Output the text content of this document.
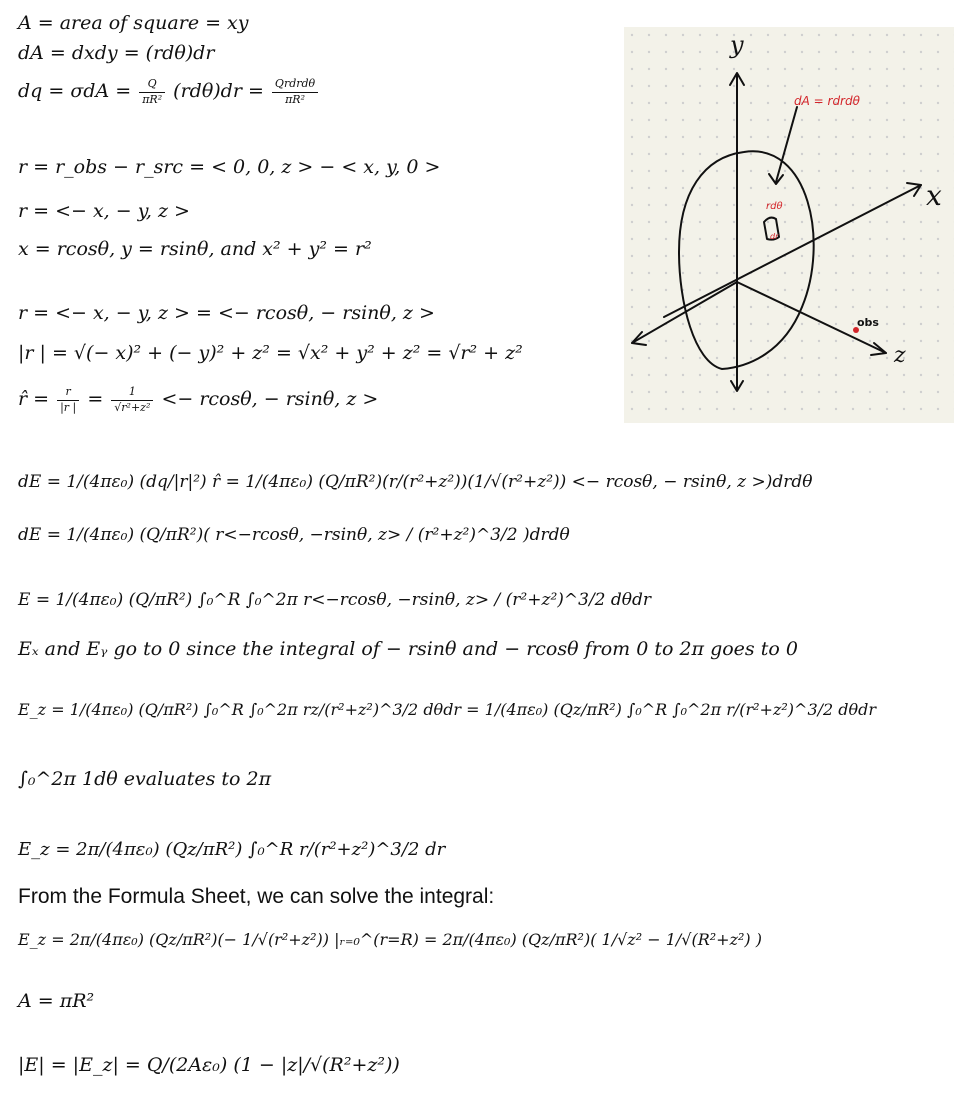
A = area of square = xy
dA = dxdy = (rdθ)dr
dq = $\sigma dA = \frac{Q}{\text{πR²}} (rd\theta)dr = \frac{\text{Qrdrdθ}}{\text{πR²}}$
r = r_obs − r_src = < 0, 0, z > − < x, y, 0 >
r = <− x, − y, z >
x = rcosθ, y = rsinθ, and x² + y² = r²
r = <− x, − y, z > = <− rcosθ, − rsinθ, z >
|r | = √(− x)² + (− y)² + z² = √x² + y² + z² = √r² + z²
r̂ = $\frac{r}{|r |} = \frac{1}{\text{√r²+z²}} <- rcos\theta$, − rsinθ, z >
dE = 1/(4πε₀) (dq/|r|²) r̂ = 1/(4πε₀) (Q/πR²)(r/(r²+z²))(1/√(r²+z²)) <− rcosθ, − rsinθ, z >)drdθ
dE = 1/(4πε₀) (Q/πR²)( r<−rcosθ, −rsinθ, z> / (r²+z²)^3/2 )drdθ
E = 1/(4πε₀) (Q/πR²) ∫₀^R ∫₀^2π r<−rcosθ, −rsinθ, z> / (r²+z²)^3/2 dθdr
Eₓ and Eᵧ go to 0 since the integral of − rsinθ and − rcosθ from 0 to 2π goes to 0
E_z = 1/(4πε₀) (Q/πR²) ∫₀^R ∫₀^2π rz/(r²+z²)^3/2 dθdr = 1/(4πε₀) (Qz/πR²) ∫₀^R ∫₀^2π r/(r²+z²)^3/2 dθdr
∫₀^2π 1dθ evaluates to 2π
E_z = 2π/(4πε₀) (Qz/πR²) ∫₀^R r/(r²+z²)^3/2 dr
From the Formula Sheet, we can solve the integral:
E_z = 2π/(4πε₀) (Qz/πR²)(− 1/√(r²+z²)) |ᵣ₌₀^(r=R) = 2π/(4πε₀) (Qz/πR²)( 1/√z² − 1/√(R²+z²) )
A = πR²
|E| = |E_z| = Q/(2Aε₀) (1 − |z|/√(R²+z²))
dA = rdrdθ
rdθ
dr
obs
y
x
z
